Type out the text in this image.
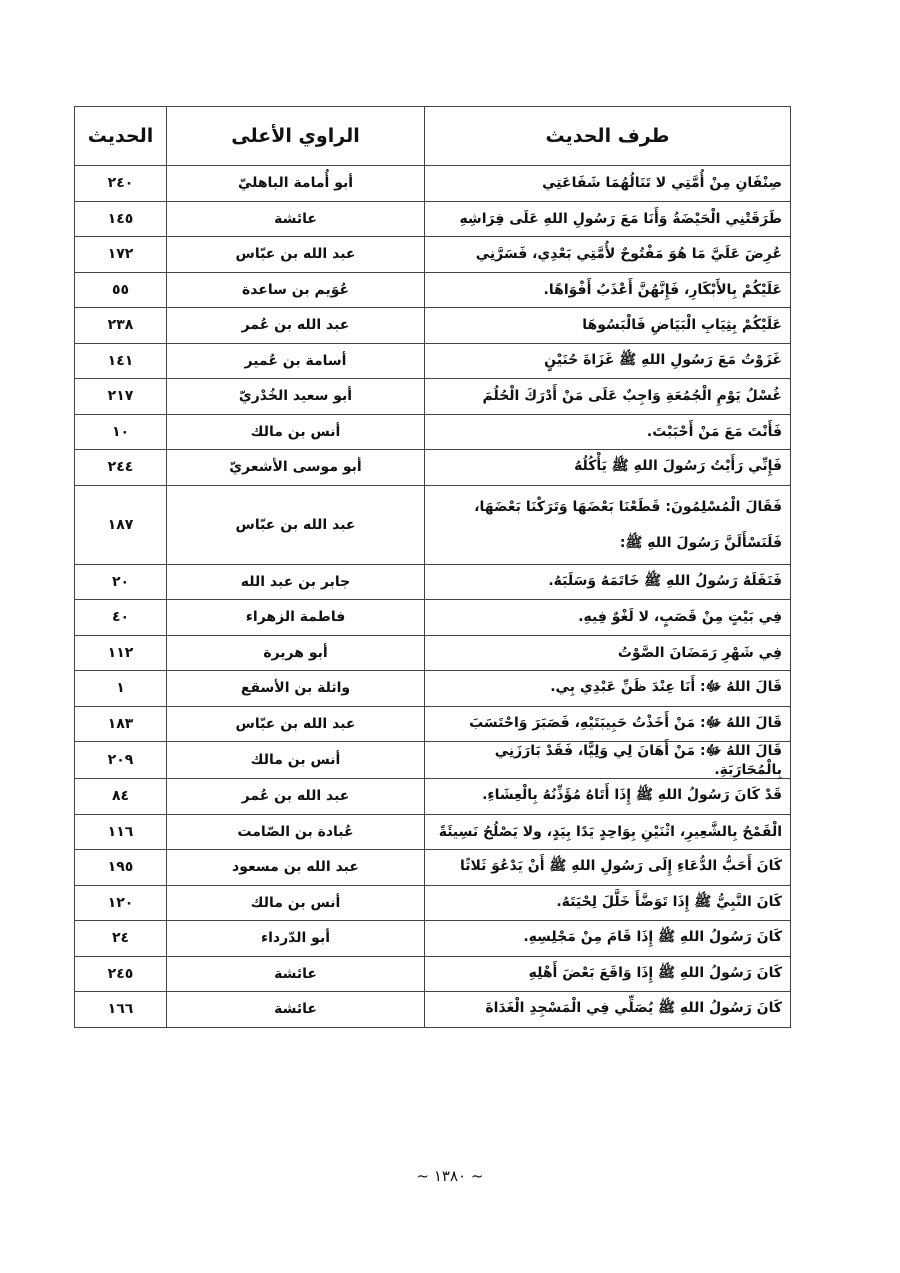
طرف الحديث	الراوي الأعلى	الحديث
صِنْفَانِ مِنْ أُمَّتِي لا تَنَالُهُمَا شَفَاعَتِي	أبو أُمامة الباهليّ	٢٤٠
طَرَقَتْنِي الْحَيْضَةُ وَأَنَا مَعَ رَسُولِ اللهِ عَلَى فِرَاشِهِ	عائشة	١٤٥
عُرِضَ عَلَيَّ مَا هُوَ مَفْتُوحٌ لأُمَّتِي بَعْدِي، فَسَرَّنِي	عبد الله بن عبّاس	١٧٢
عَلَيْكُمْ بِالأَبْكَارِ، فَإِنَّهُنَّ أَعْذَبُ أَفْوَاهًا.	عُوَيم بن ساعدة	٥٥
عَلَيْكُمْ بِثِيَابِ الْبَيَاضِ فَالْبَسُوهَا	عبد الله بن عُمر	٢٣٨
غَزَوْتُ مَعَ رَسُولِ اللهِ ﷺ غَزَاةَ حُنَيْنٍ	أسامة بن عُمير	١٤١
غُسْلُ يَوْمِ الْجُمُعَةِ وَاجِبٌ عَلَى مَنْ أَدْرَكَ الْحُلُمَ	أبو سعيد الخُدْريّ	٢١٧
فَأَنْتَ مَعَ مَنْ أَحْبَبْتَ.	أنس بن مالك	١٠
فَإِنِّي رَأَيْتُ رَسُولَ اللهِ ﷺ يَأْكُلُهُ	أبو موسى الأشعريّ	٢٤٤
فَقَالَ الْمُسْلِمُونَ: قَطَعْنَا بَعْضَهَا وَتَرَكْنَا بَعْضَهَا، فَلَنَسْأَلَنَّ رَسُولَ اللهِ ﷺ:	عبد الله بن عبّاس	١٨٧
فَنَفَلَهُ رَسُولُ اللهِ ﷺ خَاتَمَهُ وَسَلَبَهُ.	جابر بن عبد الله	٢٠
فِي بَيْتٍ مِنْ قَصَبٍ، لا لَغْوٌ فِيهِ.	فاطمة الزهراء	٤٠
فِي شَهْرِ رَمَضَانَ الصَّوْتُ	أبو هريرة	١١٢
قَالَ اللهُ ﷻ: أَنَا عِنْدَ ظَنِّ عَبْدِي بِي.	واثلة بن الأسقع	١
قَالَ اللهُ ﷻ: مَنْ أَخَذْتُ حَبِيبَتَيْهِ، فَصَبَرَ وَاحْتَسَبَ	عبد الله بن عبّاس	١٨٣
قَالَ اللهُ ﷻ: مَنْ أَهَانَ لِي وَلِيًّا، فَقَدْ بَارَزَنِي بِالْمُحَارَبَةِ.	أنس بن مالك	٢٠٩
قَدْ كَانَ رَسُولُ اللهِ ﷺ إِذَا أَتَاهُ مُؤَذِّنُهُ بِالْعِشَاءِ.	عبد الله بن عُمر	٨٤
الْقَمْحُ بِالشَّعِيرِ، اثْنَيْنِ بِوَاحِدٍ يَدًا بِيَدٍ، ولا يَصْلُحُ نَسِيئَةً	عُبادة بن الصّامت	١١٦
كَانَ أَحَبُّ الدُّعَاءِ إِلَى رَسُولِ اللهِ ﷺ أَنْ يَدْعُوَ ثَلاثًا	عبد الله بن مسعود	١٩٥
كَانَ النَّبِيُّ ﷺ إِذَا تَوَضَّأَ خَلَّلَ لِحْيَتَهُ.	أنس بن مالك	١٢٠
كَانَ رَسُولُ اللهِ ﷺ إِذَا قَامَ مِنْ مَجْلِسِهِ.	أبو الدّرداء	٢٤
كَانَ رَسُولُ اللهِ ﷺ إِذَا وَاقَعَ بَعْضَ أَهْلِهِ	عائشة	٢٤٥
كَانَ رَسُولُ اللهِ ﷺ يُصَلِّي فِي الْمَسْجِدِ الْغَدَاةَ	عائشة	١٦٦
~ ١٣٨٠ ~
